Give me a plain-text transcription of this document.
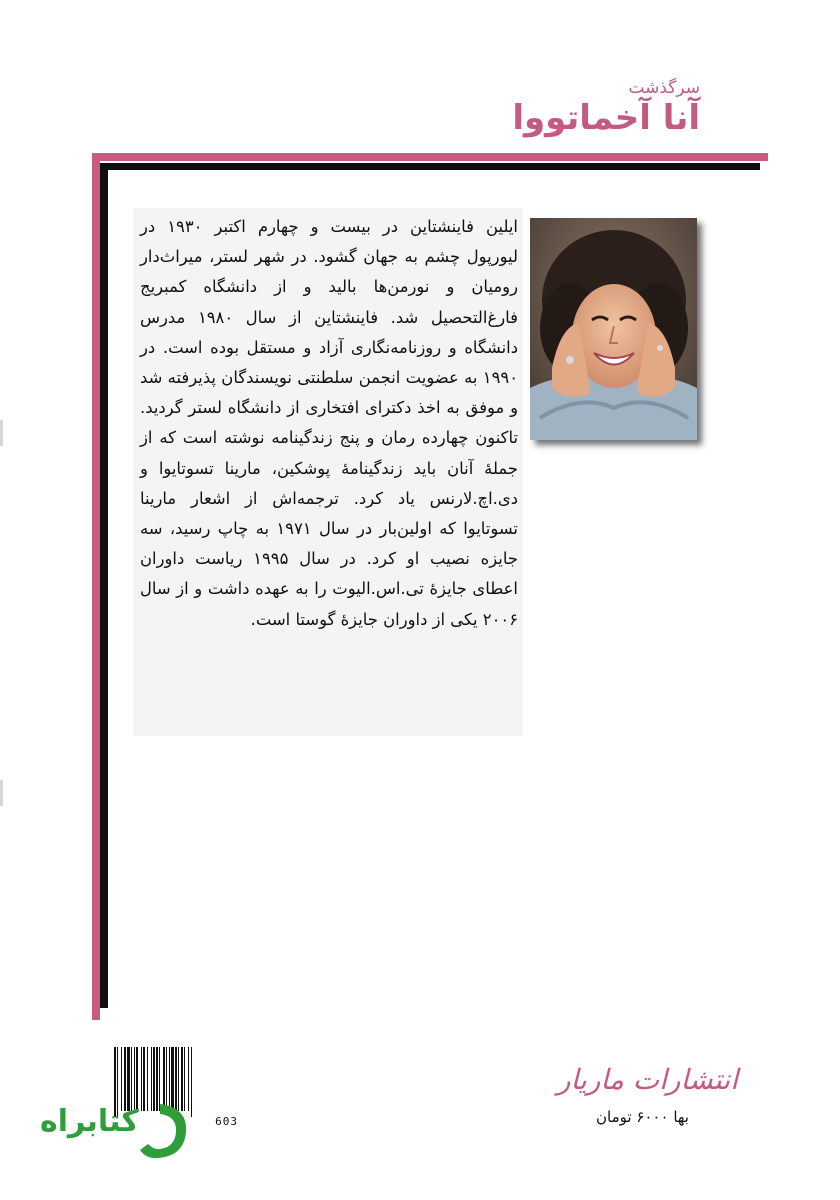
سرگذشت
آنا آخماتووا
ایلین فاینشتاین در بیست و چهارم اکتبر ۱۹۳۰ در لیورپول چشم به جهان گشود. در شهر لستر، میراث‌دار رومیان و نورمن‌ها بالید و از دانشگاه کمبریج فارغ‌التحصیل شد. فاینشتاین از سال ۱۹۸۰ مدرس دانشگاه و روزنامه‌نگاری آزاد و مستقل بوده است. در ۱۹۹۰ به عضویت انجمن سلطنتی نویسندگان پذیرفته شد و موفق به اخذ دکترای افتخاری از دانشگاه لستر گردید. تاکنون چهارده رمان و پنج زندگینامه نوشته است که از جملهٔ آنان باید زندگینامهٔ پوشکین، مارینا تسوتایوا و دی.اچ.لارنس یاد کرد. ترجمه‌اش از اشعار مارینا تسوتایوا که اولین‌بار در سال ۱۹۷۱ به چاپ رسید، سه جایزه نصیب او کرد. در سال ۱۹۹۵ ریاست داوران اعطای جایزهٔ تی.اس.الیوت را به عهده داشت و از سال ۲۰۰۶ یکی از داوران جایزهٔ گوستا است.
603
انتشارات ماریار
بها ۶۰۰۰ تومان
کتابراه
